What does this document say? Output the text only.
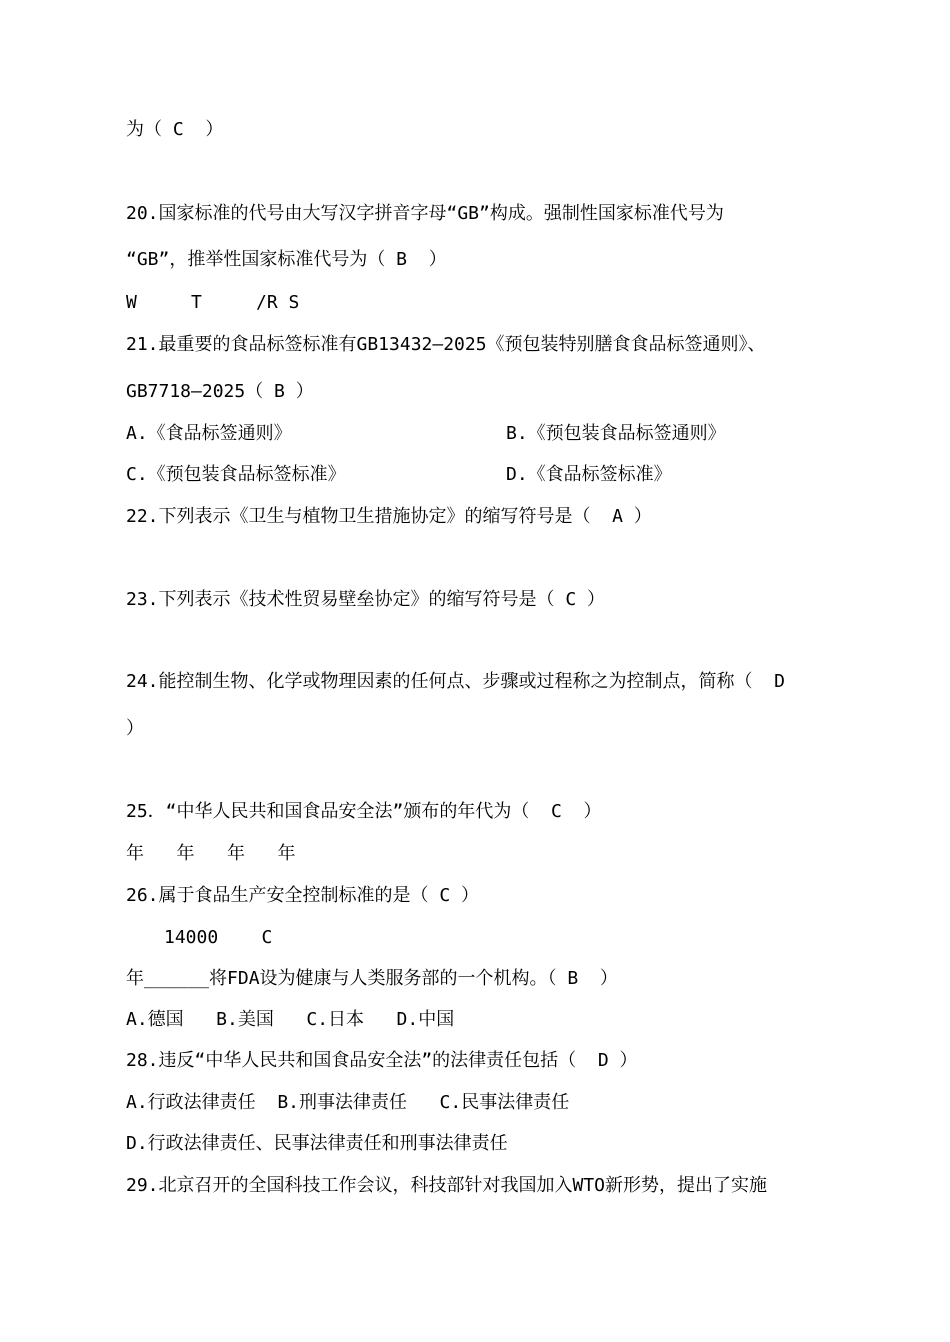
为（ C  ）
20.国家标准的代号由大写汉字拼音字母“GB”构成。强制性国家标准代号为
“GB”，推举性国家标准代号为（ B  ）
W     T     /R S
21.最重要的食品标签标准有GB13432—2025《预包装特别膳食食品标签通则》、
GB7718—2025（ B ）
A.《食品标签通则》	B.《预包装食品标签通则》
C.《预包装食品标签标准》	D.《食品标签标准》
22.下列表示《卫生与植物卫生措施协定》的缩写符号是（  A ）
23.下列表示《技术性贸易壁垒协定》的缩写符号是（ C ）
24.能控制生物、化学或物理因素的任何点、步骤或过程称之为控制点，简称（  D
）
25．“中华人民共和国食品安全法”颁布的年代为（  C  ）
年   年   年   年
26.属于食品生产安全控制标准的是（ C ）
14000    C
年______将FDA设为健康与人类服务部的一个机构。（ B  ）
A.德国   B.美国   C.日本   D.中国
28.违反“中华人民共和国食品安全法”的法律责任包括（  D ）
A.行政法律责任  B.刑事法律责任   C.民事法律责任
D.行政法律责任、民事法律责任和刑事法律责任
29.北京召开的全国科技工作会议，科技部针对我国加入WTO新形势，提出了实施
